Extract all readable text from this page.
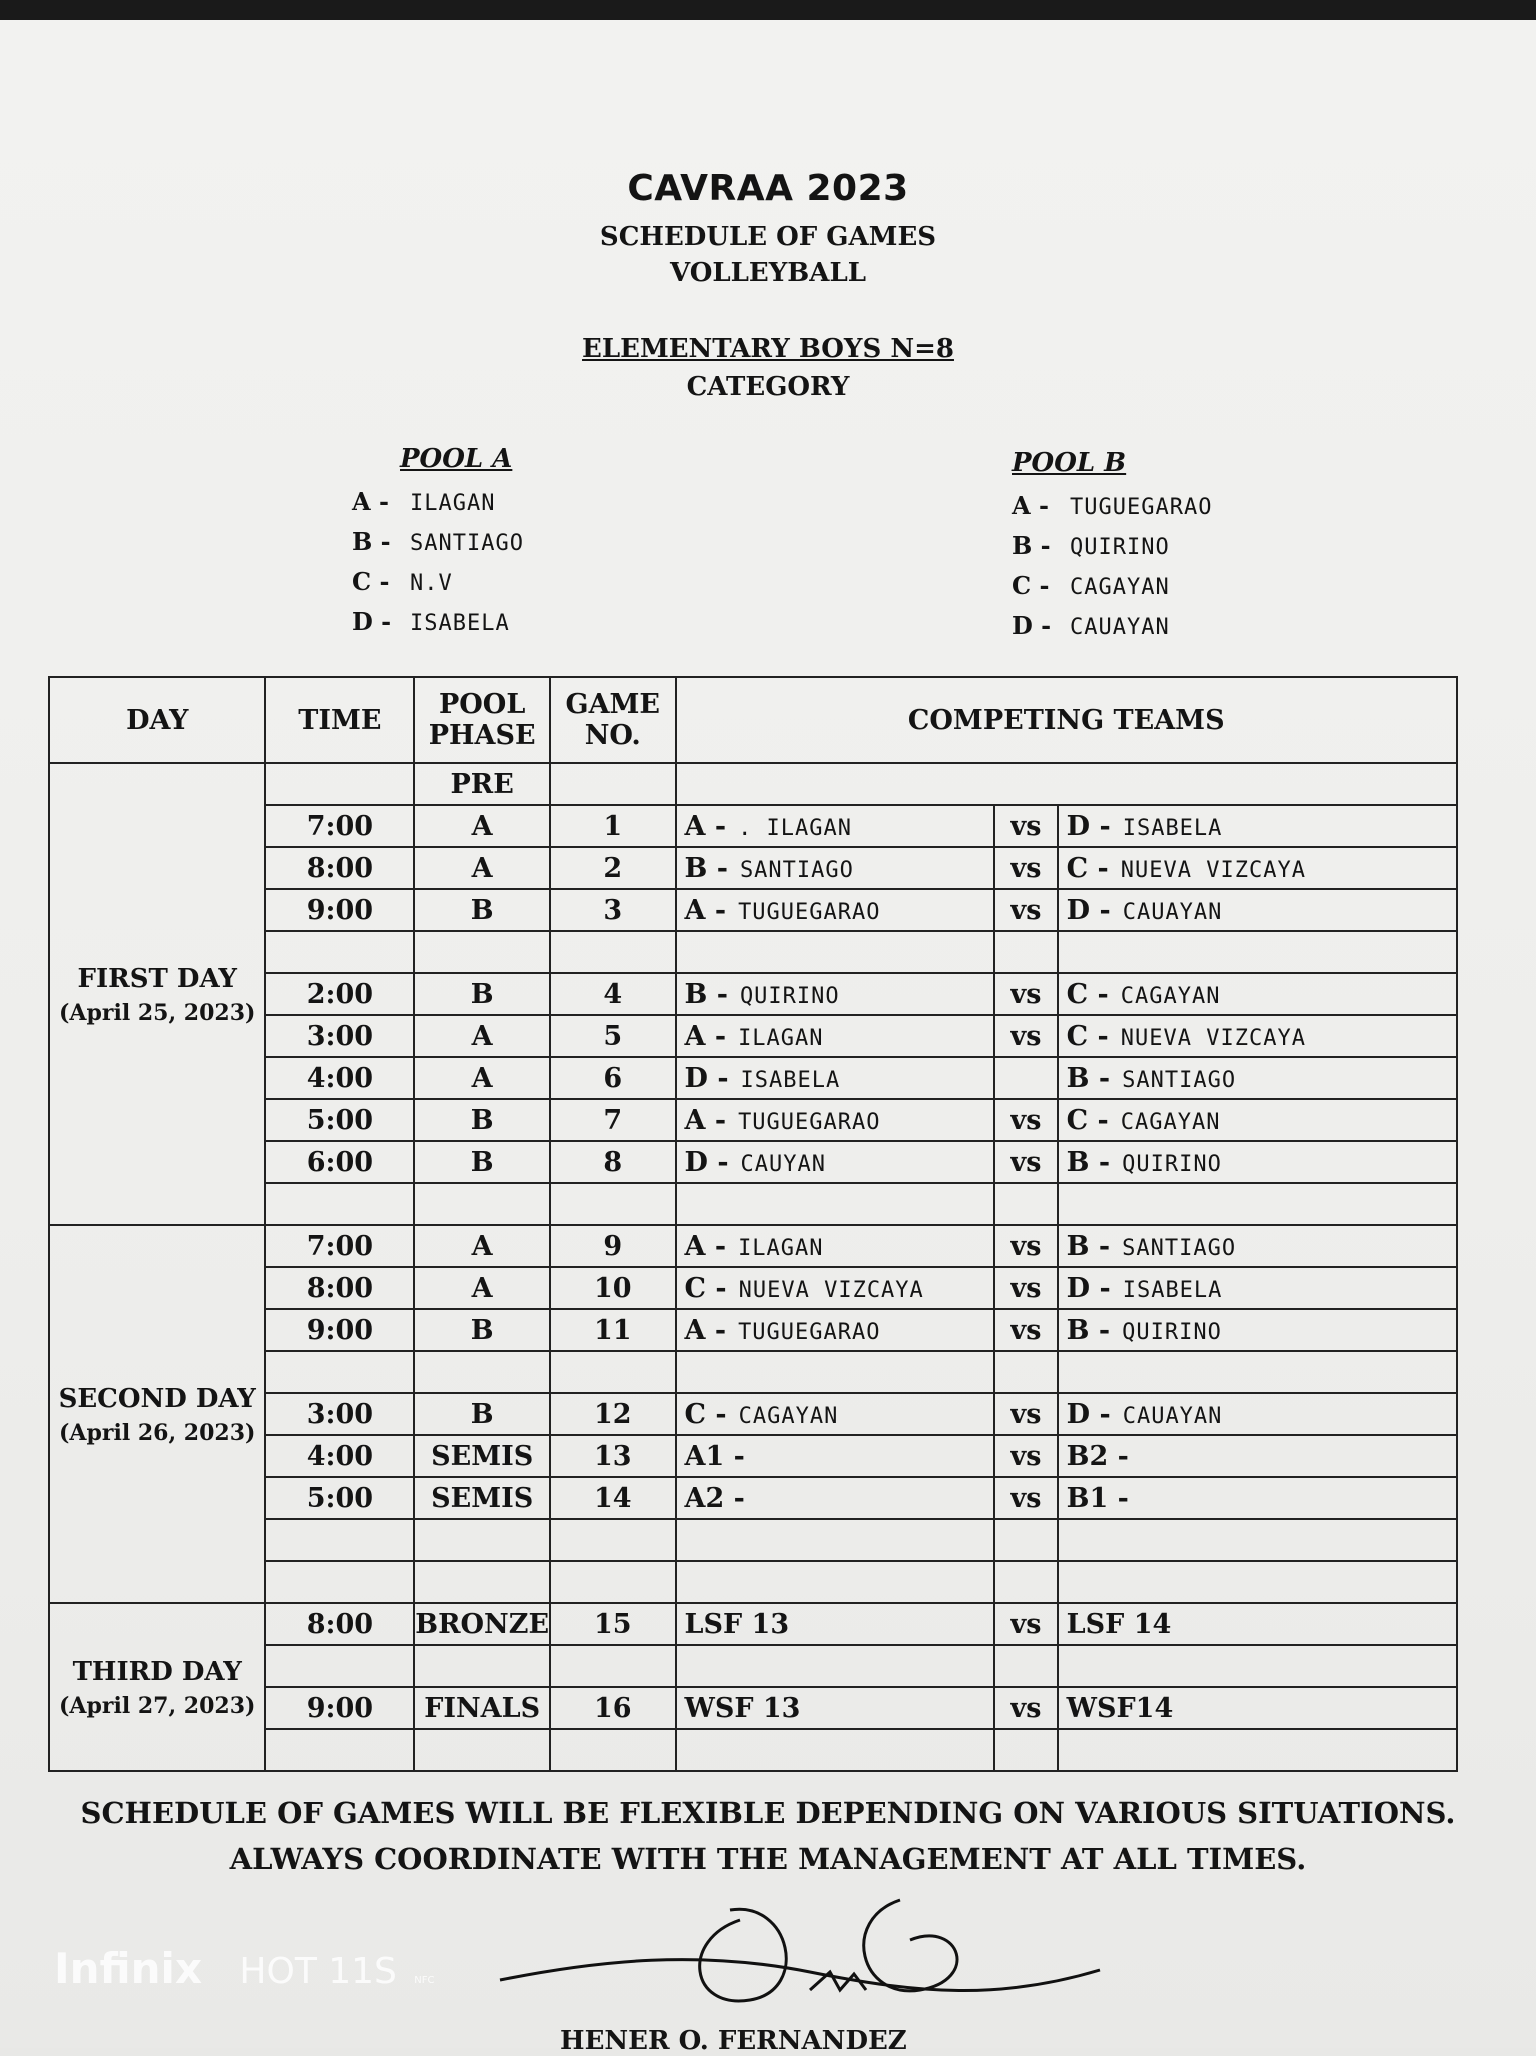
CAVRAA 2023
SCHEDULE OF GAMES
VOLLEYBALL
ELEMENTARY BOYS N=8
CATEGORY
POOL A
A - ILAGAN
B - SANTIAGO
C - N.V
D - ISABELA
POOL B
A - TUGUEGARAO
B - QUIRINO
C - CAGAYAN
D - CAUAYAN
DAY	TIME	POOL PHASE	GAME NO.	COMPETING TEAMS		
FIRST DAY
(April 25, 2023)		PRE				
	7:00	A	1	A - . ILAGAN	vs	D - ISABELA
	8:00	A	2	B - SANTIAGO	vs	C - NUEVA VIZCAYA
	9:00	B	3	A - TUGUEGARAO	vs	D - CAUAYAN

	2:00	B	4	B - QUIRINO	vs	C - CAGAYAN
	3:00	A	5	A - ILAGAN	vs	C - NUEVA VIZCAYA
	4:00	A	6	D - ISABELA		B - SANTIAGO
	5:00	B	7	A - TUGUEGARAO	vs	C - CAGAYAN
	6:00	B	8	D - CAUYAN	vs	B - QUIRINO

SECOND DAY
(April 26, 2023)	7:00	A	9	A - ILAGAN	vs	B - SANTIAGO
	8:00	A	10	C - NUEVA VIZCAYA	vs	D - ISABELA
	9:00	B	11	A - TUGUEGARAO	vs	B - QUIRINO

	3:00	B	12	C - CAGAYAN	vs	D - CAUAYAN
	4:00	SEMIS	13	A1 -	vs	B2 -
	5:00	SEMIS	14	A2 -	vs	B1 -

THIRD DAY
(April 27, 2023)	8:00	BRONZE	15	LSF 13	vs	LSF 14

	9:00	FINALS	16	WSF 13	vs	WSF14

SCHEDULE OF GAMES WILL BE FLEXIBLE DEPENDING ON VARIOUS SITUATIONS.
ALWAYS COORDINATE WITH THE MANAGEMENT AT ALL TIMES.
HENER O. FERNANDEZ
Infinix HOT 11S NFC
